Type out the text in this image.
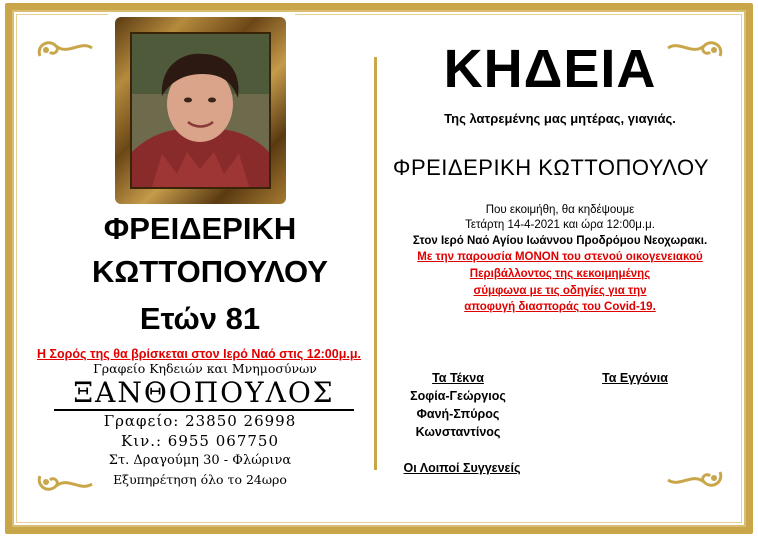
ΦΡΕΙΔΕΡΙΚΗ
ΚΩΤΤΟΠΟΥΛΟΥ
Ετών 81
Η Σορός της θα βρίσκεται στον Ιερό Ναό στις 12:00μ.μ.
Γραφείο Κηδειών και Μνημοσύνων
ΞΑΝΘΟΠΟΥΛΟΣ
Γραφείο: 23850 26998
Κιν.: 6955 067750
Στ. Δραγούμη 30 - Φλώρινα
Εξυπηρέτηση όλο το 24ωρο
ΚΗΔΕΙΑ
Της λατρεμένης μας μητέρας, γιαγιάς.
ΦΡΕΙΔΕΡΙΚΗ ΚΩΤΤΟΠΟΥΛΟΥ
Που εκοιμήθη, θα κηδέψουμε
Τετάρτη 14-4-2021 και ώρα 12:00μ.μ.
Στον Ιερό Ναό Αγίου Ιωάννου Προδρόμου Νεοχωρακι.
Με την παρουσία ΜΟΝΟΝ του στενού οικογενειακού
Περιβάλλοντος της κεκοιμημένης
σύμφωνα με τις οδηγίες για την
αποφυγή διασποράς του Covid-19.
Τα Τέκνα
Σοφία-Γεώργιος
Φανή-Σπύρος
Κωνσταντίνος
Τα Εγγόνια
Οι Λοιποί Συγγενείς
